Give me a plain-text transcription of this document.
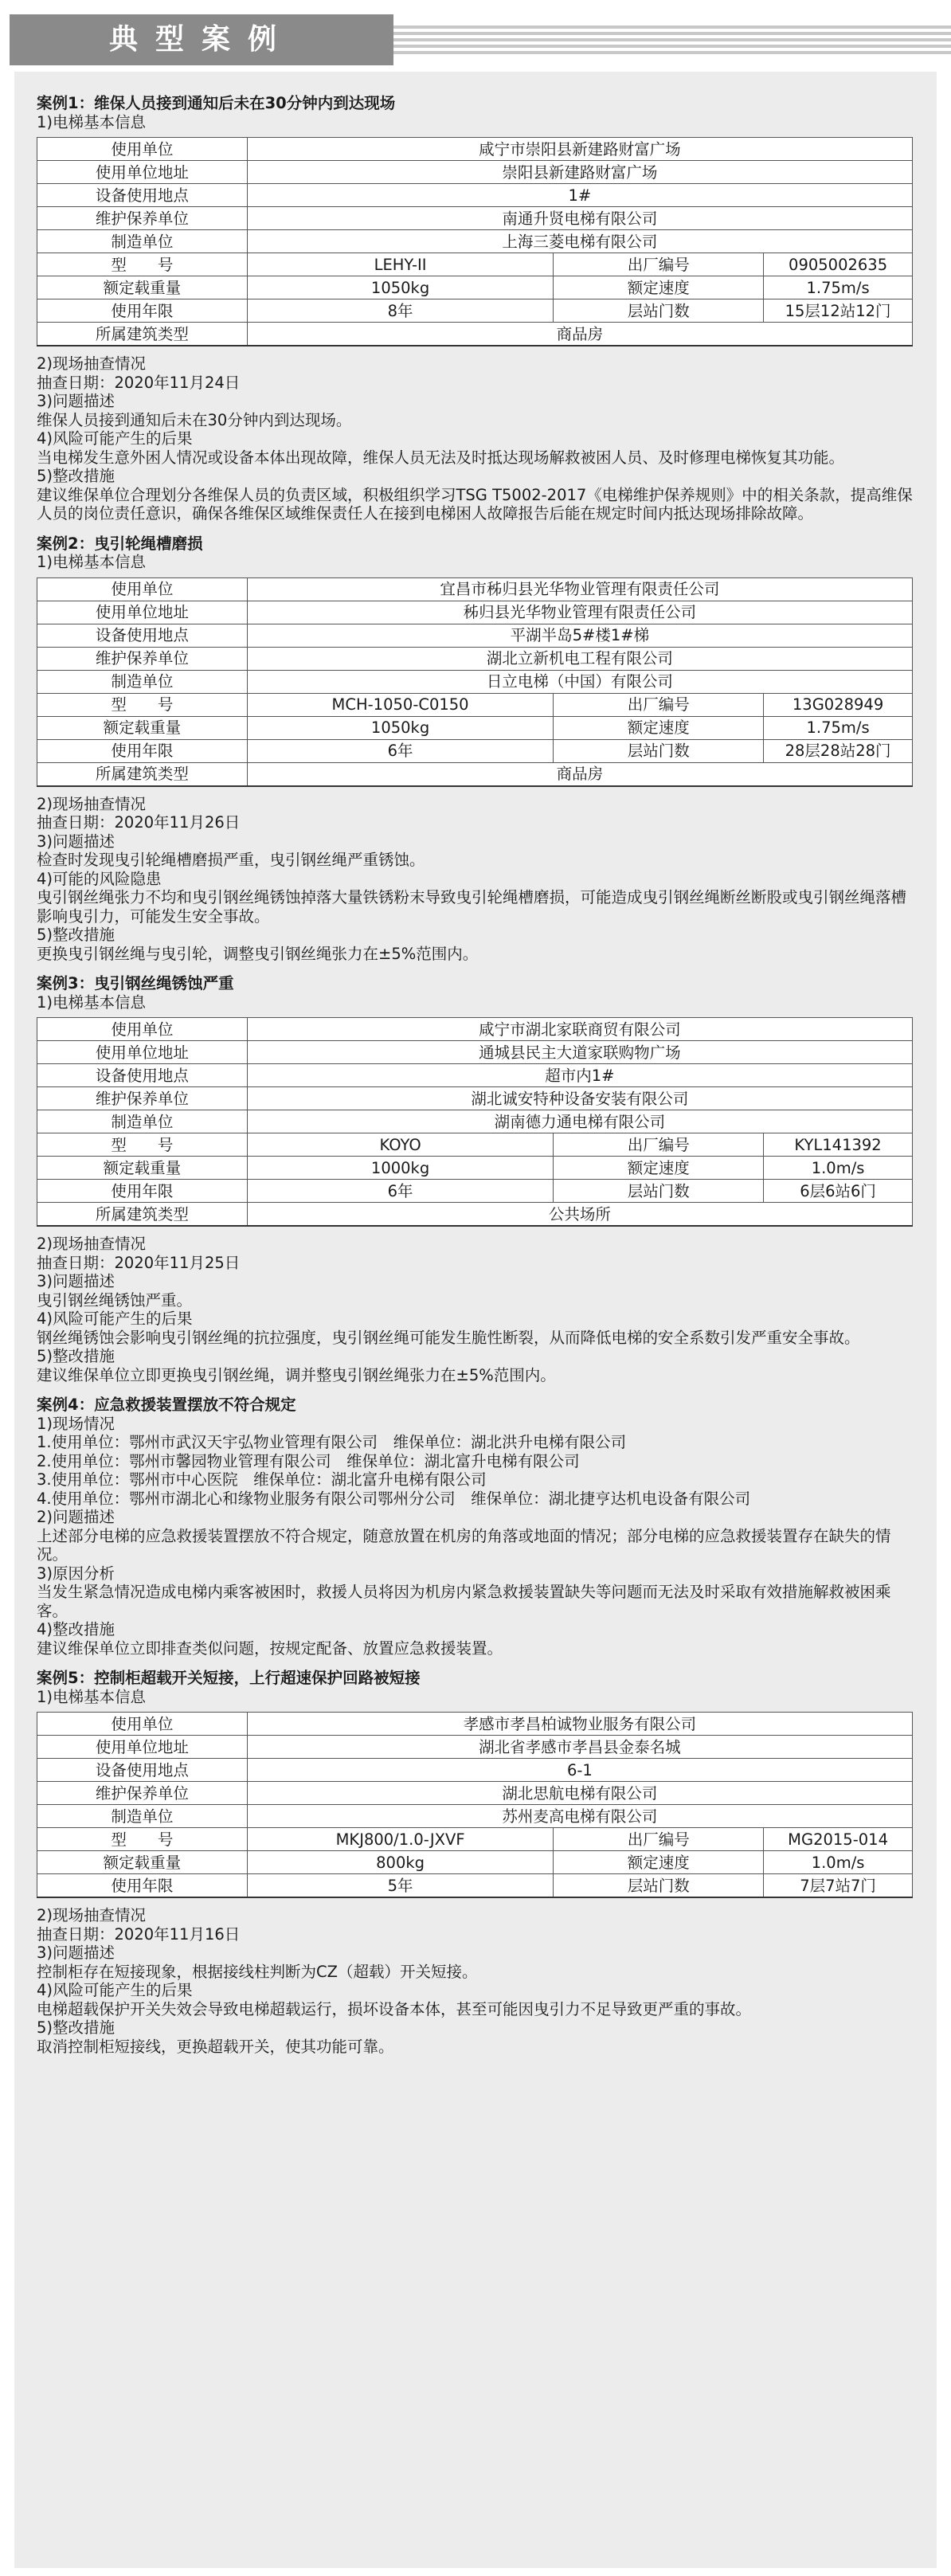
典型案例
案例1：维保人员接到通知后未在30分钟内到达现场
1)电梯基本信息
使用单位	咸宁市崇阳县新建路财富广场		
使用单位地址	崇阳县新建路财富广场		
设备使用地点	1#		
维护保养单位	南通升贤电梯有限公司		
制造单位	上海三菱电梯有限公司		
型　　号	LEHY-II	出厂编号	0905002635
额定载重量	1050kg	额定速度	1.75m/s
使用年限	8年	层站门数	15层12站12门
所属建筑类型	商品房		
2)现场抽查情况
抽查日期：2020年11月24日
3)问题描述
维保人员接到通知后未在30分钟内到达现场。
4)风险可能产生的后果
当电梯发生意外困人情况或设备本体出现故障，维保人员无法及时抵达现场解救被困人员、及时修理电梯恢复其功能。
5)整改措施
建议维保单位合理划分各维保人员的负责区域，积极组织学习TSG T5002-2017《电梯维护保养规则》中的相关条款，提高维保人员的岗位责任意识，确保各维保区域维保责任人在接到电梯困人故障报告后能在规定时间内抵达现场排除故障。
案例2：曳引轮绳槽磨损
1)电梯基本信息
使用单位	宜昌市秭归县光华物业管理有限责任公司		
使用单位地址	秭归县光华物业管理有限责任公司		
设备使用地点	平湖半岛5#楼1#梯		
维护保养单位	湖北立新机电工程有限公司		
制造单位	日立电梯（中国）有限公司		
型　　号	MCH-1050-C0150	出厂编号	13G028949
额定载重量	1050kg	额定速度	1.75m/s
使用年限	6年	层站门数	28层28站28门
所属建筑类型	商品房		
2)现场抽查情况
抽查日期：2020年11月26日
3)问题描述
检查时发现曳引轮绳槽磨损严重，曳引钢丝绳严重锈蚀。
4)可能的风险隐患
曳引钢丝绳张力不均和曳引钢丝绳锈蚀掉落大量铁锈粉末导致曳引轮绳槽磨损，可能造成曳引钢丝绳断丝断股或曳引钢丝绳落槽影响曳引力，可能发生安全事故。
5)整改措施
更换曳引钢丝绳与曳引轮，调整曳引钢丝绳张力在±5%范围内。
案例3：曳引钢丝绳锈蚀严重
1)电梯基本信息
使用单位	咸宁市湖北家联商贸有限公司		
使用单位地址	通城县民主大道家联购物广场		
设备使用地点	超市内1#		
维护保养单位	湖北诚安特种设备安装有限公司		
制造单位	湖南德力通电梯有限公司		
型　　号	KOYO	出厂编号	KYL141392
额定载重量	1000kg	额定速度	1.0m/s
使用年限	6年	层站门数	6层6站6门
所属建筑类型	公共场所		
2)现场抽查情况
抽查日期：2020年11月25日
3)问题描述
曳引钢丝绳锈蚀严重。
4)风险可能产生的后果
钢丝绳锈蚀会影响曳引钢丝绳的抗拉强度，曳引钢丝绳可能发生脆性断裂，从而降低电梯的安全系数引发严重安全事故。
5)整改措施
建议维保单位立即更换曳引钢丝绳，调并整曳引钢丝绳张力在±5%范围内。
案例4：应急救援装置摆放不符合规定
1)现场情况
1.使用单位：鄂州市武汉天宇弘物业管理有限公司　维保单位：湖北洪升电梯有限公司
2.使用单位：鄂州市馨园物业管理有限公司　维保单位：湖北富升电梯有限公司
3.使用单位：鄂州市中心医院　维保单位：湖北富升电梯有限公司
4.使用单位：鄂州市湖北心和缘物业服务有限公司鄂州分公司　维保单位：湖北捷亨达机电设备有限公司
2)问题描述
上述部分电梯的应急救援装置摆放不符合规定，随意放置在机房的角落或地面的情况；部分电梯的应急救援装置存在缺失的情况。
3)原因分析
当发生紧急情况造成电梯内乘客被困时，救援人员将因为机房内紧急救援装置缺失等问题而无法及时采取有效措施解救被困乘客。
4)整改措施
建议维保单位立即排查类似问题，按规定配备、放置应急救援装置。
案例5：控制柜超载开关短接，上行超速保护回路被短接
1)电梯基本信息
使用单位	孝感市孝昌柏诚物业服务有限公司		
使用单位地址	湖北省孝感市孝昌县金泰名城		
设备使用地点	6-1		
维护保养单位	湖北思航电梯有限公司		
制造单位	苏州麦高电梯有限公司		
型　　号	MKJ800/1.0-JXVF	出厂编号	MG2015-014
额定载重量	800kg	额定速度	1.0m/s
使用年限	5年	层站门数	7层7站7门
2)现场抽查情况
抽查日期：2020年11月16日
3)问题描述
控制柜存在短接现象，根据接线柱判断为CZ（超载）开关短接。
4)风险可能产生的后果
电梯超载保护开关失效会导致电梯超载运行，损坏设备本体，甚至可能因曳引力不足导致更严重的事故。
5)整改措施
取消控制柜短接线，更换超载开关，使其功能可靠。
